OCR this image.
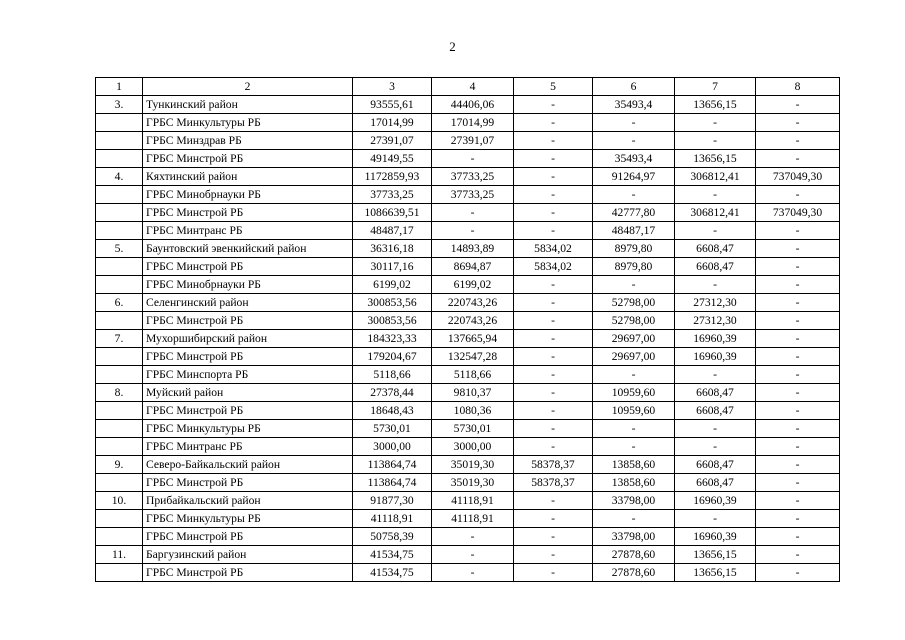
2
1	2	3	4	5	6	7	8
3.	Тункинский район	93555,61	44406,06	-	35493,4	13656,15	-
	ГРБС Минкультуры РБ	17014,99	17014,99	-	-	-	-
	ГРБС Минздрав РБ	27391,07	27391,07	-	-	-	-
	ГРБС Минстрой РБ	49149,55	-	-	35493,4	13656,15	-
4.	Кяхтинский район	1172859,93	37733,25	-	91264,97	306812,41	737049,30
	ГРБС Минобрнауки РБ	37733,25	37733,25	-	-	-	-
	ГРБС Минстрой РБ	1086639,51	-	-	42777,80	306812,41	737049,30
	ГРБС Минтранс РБ	48487,17	-	-	48487,17	-	-
5.	Баунтовский эвенкийский район	36316,18	14893,89	5834,02	8979,80	6608,47	-
	ГРБС Минстрой РБ	30117,16	8694,87	5834,02	8979,80	6608,47	-
	ГРБС Минобрнауки РБ	6199,02	6199,02	-	-	-	-
6.	Селенгинский район	300853,56	220743,26	-	52798,00	27312,30	-
	ГРБС Минстрой РБ	300853,56	220743,26	-	52798,00	27312,30	-
7.	Мухоршибирский район	184323,33	137665,94	-	29697,00	16960,39	-
	ГРБС Минстрой РБ	179204,67	132547,28	-	29697,00	16960,39	-
	ГРБС Минспорта РБ	5118,66	5118,66	-	-	-	-
8.	Муйский район	27378,44	9810,37	-	10959,60	6608,47	-
	ГРБС Минстрой РБ	18648,43	1080,36	-	10959,60	6608,47	-
	ГРБС Минкультуры РБ	5730,01	5730,01	-	-	-	-
	ГРБС Минтранс РБ	3000,00	3000,00	-	-	-	-
9.	Северо-Байкальский район	113864,74	35019,30	58378,37	13858,60	6608,47	-
	ГРБС Минстрой РБ	113864,74	35019,30	58378,37	13858,60	6608,47	-
10.	Прибайкальский район	91877,30	41118,91	-	33798,00	16960,39	-
	ГРБС Минкультуры РБ	41118,91	41118,91	-	-	-	-
	ГРБС Минстрой РБ	50758,39	-	-	33798,00	16960,39	-
11.	Баргузинский район	41534,75	-	-	27878,60	13656,15	-
	ГРБС Минстрой РБ	41534,75	-	-	27878,60	13656,15	-
